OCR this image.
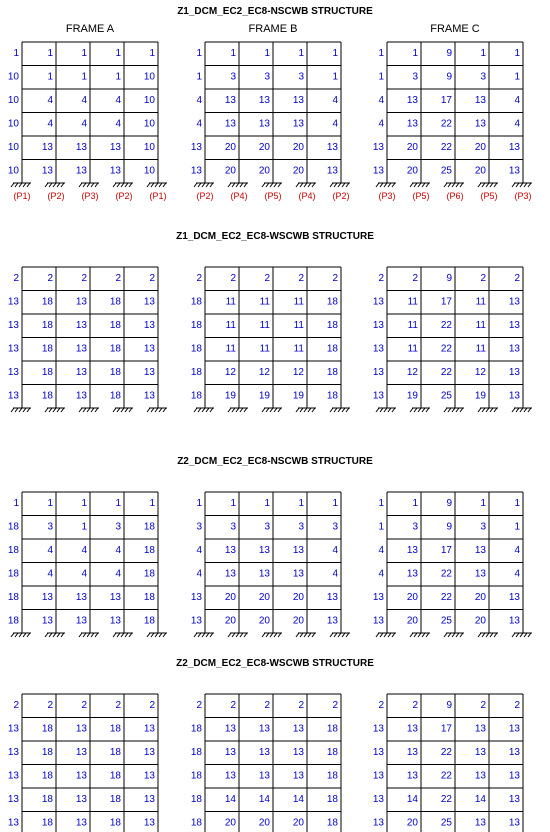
Z1_DCM_EC2_EC8-NSCWB STRUCTURE
FRAME A
1
10
10
10
10
10
1
1
4
4
13
13
1
1
4
4
13
13
1
1
4
4
13
13
1
10
10
10
10
10
(P1) (P2) (P3) (P2) (P1)
FRAME B
1
1
4
4
13
13
1
3
13
13
20
20
1
3
13
13
20
20
1
3
13
13
20
20
1
1
4
4
13
13
(P2) (P4) (P5) (P4) (P2)
FRAME C
1
1
4
4
13
13
1
3
13
13
20
20
9
9
17
22
22
25
1
3
13
13
20
20
1
1
4
4
13
13
(P3) (P5) (P6) (P5) (P3)
Z1_DCM_EC2_EC8-WSCWB STRUCTURE
2
13
13
13
13
13
2
18
18
18
18
18
2
13
13
13
13
13
2
18
18
18
18
18
2
13
13
13
13
13
2
18
18
18
18
18
2
11
11
11
12
19
2
11
11
11
12
19
2
11
11
11
12
19
2
18
18
18
18
18
2
13
13
13
13
13
2
11
11
11
12
19
9
17
22
22
22
25
2
11
11
11
12
19
2
13
13
13
13
13
Z2_DCM_EC2_EC8-NSCWB STRUCTURE
1
18
18
18
18
18
1
3
4
4
13
13
1
1
4
4
13
13
1
3
4
4
13
13
1
18
18
18
18
18
1
3
4
4
13
13
1
3
13
13
20
20
1
3
13
13
20
20
1
3
13
13
20
20
1
3
4
4
13
13
1
1
4
4
13
13
1
3
13
13
20
20
9
9
17
22
22
25
1
3
13
13
20
20
1
1
4
4
13
13
Z2_DCM_EC2_EC8-WSCWB STRUCTURE
2
13
13
13
13
13
2
18
18
18
18
18
2
13
13
13
13
13
2
18
18
18
18
18
2
13
13
13
13
13
2
18
18
18
18
18
2
13
13
13
14
20
2
13
13
13
14
20
2
13
13
13
14
20
2
18
18
18
18
18
2
13
13
13
13
13
2
13
13
13
14
20
9
17
22
22
22
25
2
13
13
13
14
13
2
13
13
13
13
13
